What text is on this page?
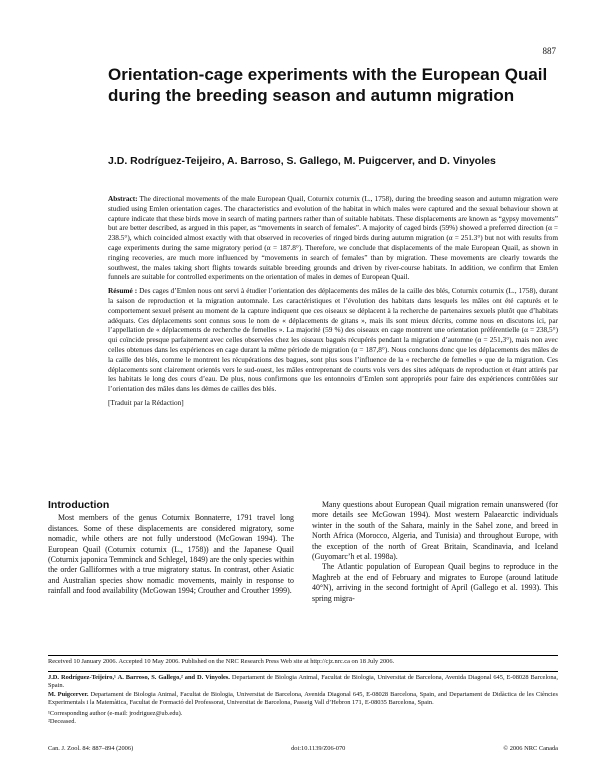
887
Orientation-cage experiments with the European Quail during the breeding season and autumn migration
J.D. Rodríguez-Teijeiro, A. Barroso, S. Gallego, M. Puigcerver, and D. Vinyoles

Abstract: The directional movements of the male European Quail, Coturnix coturnix (L., 1758), during the breeding season and autumn migration were studied using Emlen orientation cages. The characteristics and evolution of the habitat in which males were captured and the sexual behaviour shown at capture indicate that these birds move in search of mating partners rather than of suitable habitats. These displacements are known as “gypsy movements” but are better described, as argued in this paper, as “movements in search of females”. A majority of caged birds (59%) showed a preferred direction (α = 238.5°), which coincided almost exactly with that observed in recoveries of ringed birds during autumn migration (α = 251.3°) but not with results from cage experiments during the same migratory period (α = 187.8°). Therefore, we conclude that displacements of the male European Quail, as shown in ringing recoveries, are much more influenced by “movements in search of females” than by migration. These movements are clearly towards the southwest, the males taking short flights towards suitable breeding grounds and driven by river-course habitats. In addition, we confirm that Emlen funnels are suitable for controlled experiments on the orientation of males in demes of European Quail.

Résumé : Des cages d’Emlen nous ont servi à étudier l’orientation des déplacements des mâles de la caille des blés, Coturnix coturnix (L., 1758), durant la saison de reproduction et la migration automnale. Les caractéristiques et l’évolution des habitats dans lesquels les mâles ont été capturés et le comportement sexuel présent au moment de la capture indiquent que ces oiseaux se déplacent à la recherche de partenaires sexuels plutôt que d’habitats adéquats. Ces déplacements sont connus sous le nom de « déplacements de gitans », mais ils sont mieux décrits, comme nous en discutons ici, par l’appellation de « déplacements de recherche de femelles ». La majorité (59 %) des oiseaux en cage montrent une orientation préférentielle (α = 238,5°) qui coïncide presque parfaitement avec celles observées chez les oiseaux bagués récupérés pendant la migration d’automne (α = 251,3°), mais non avec celles obtenues dans les expériences en cage durant la même période de migration (α = 187,8°). Nous concluons donc que les déplacements des mâles de la caille des blés, comme le montrent les récupérations des bagues, sont plus sous l’influence de la « recherche de femelles » que de la migration. Ces déplacements sont clairement orientés vers le sud-ouest, les mâles entreprenant de courts vols vers des sites adéquats de reproduction et étant attirés par les habitats le long des cours d’eau. De plus, nous confirmons que les entonnoirs d’Emlen sont appropriés pour faire des expériences contrôlées sur l’orientation des mâles dans les dèmes de cailles des blés.

[Traduit par la Rédaction]

Introduction

Most members of the genus Coturnix Bonnaterre, 1791 travel long distances. Some of these displacements are considered migratory, some nomadic, while others are not fully understood (McGowan 1994). The European Quail (Coturnix coturnix (L., 1758)) and the Japanese Quail (Coturnix japonica Temminck and Schlegel, 1849) are the only species within the order Galliformes with a true migratory status. In contrast, other Asiatic and Australian species show nomadic movements, mainly in response to rainfall and food availability (McGowan 1994; Crouther and Crouther 1999).

Many questions about European Quail migration remain unanswered (for more details see McGowan 1994). Most western Palaearctic individuals winter in the south of the Sahara, mainly in the Sahel zone, and breed in North Africa (Morocco, Algeria, and Tunisia) and throughout Europe, with the exception of the north of Great Britain, Scandinavia, and Iceland (Guyomarc’h et al. 1998a).

The Atlantic population of European Quail begins to reproduce in the Maghreb at the end of February and migrates to Europe (around latitude 40°N), arriving in the second fortnight of April (Gallego et al. 1993). This spring migra-

Received 10 January 2006. Accepted 10 May 2006. Published on the NRC Research Press Web site at http://cjz.nrc.ca on 18 July 2006.

J.D. Rodríguez-Teijeiro,¹ A. Barroso, S. Gallego,² and D. Vinyoles. Departament de Biologia Animal, Facultat de Biologia, Universitat de Barcelona, Avenida Diagonal 645, E-08028 Barcelona, Spain.

M. Puigcerver. Departament de Biologia Animal, Facultat de Biologia, Universitat de Barcelona, Avenida Diagonal 645, E-08028 Barcelona, Spain, and Departament de Didàctica de les Ciències Experimentals i la Matemàtica, Facultat de Formació del Professorat, Universitat de Barcelona, Passeig Vall d’Hebron 171, E-08035 Barcelona, Spain.

¹Corresponding author (e-mail: jrodriguez@ub.edu).

²Deceased.

Can. J. Zool. 84: 887–894 (2006)	doi:10.1139/Z06-070	© 2006 NRC Canada
